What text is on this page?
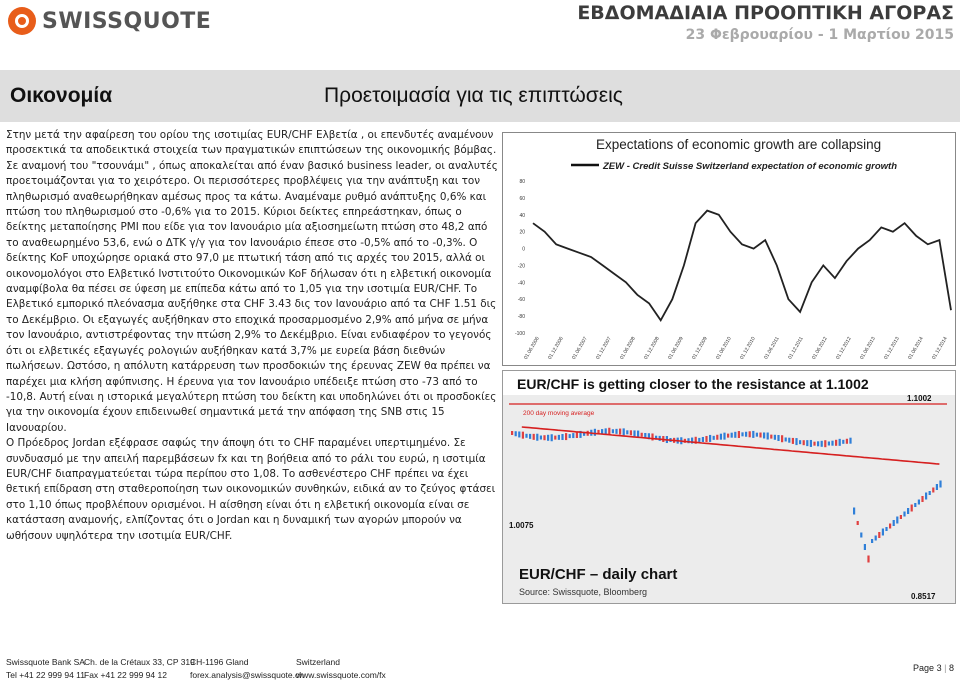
SWISSQUOTE	ΕΒΔΟΜΑΔΙΑΙΑ ΠΡΟΟΠΤΙΚΗ ΑΓΟΡΑΣ
23 Φεβρουαρίου - 1 Μαρτίου 2015
Οικονομία	Προετοιμασία για τις επιπτώσεις

Στην μετά την αφαίρεση του ορίου της ισοτιμίας EUR/CHF Ελβετία , οι επενδυτές αναμένουν προσεκτικά τα αποδεικτικά στοιχεία των πραγματικών επιπτώσεων της οικονομικής βόμβας. Σε αναμονή του "τσουνάμι" , όπως αποκαλείται από έναν βασικό business leader, οι αναλυτές προετοιμάζονται για το χειρότερο. Οι περισσότερες προβλέψεις για την ανάπτυξη και τον πληθωρισμό αναθεωρήθηκαν αμέσως προς τα κάτω. Αναμέναμε ρυθμό ανάπτυξης 0,6% και πτώση του πληθωρισμού στο -0,6% για το 2015. Κύριοι δείκτες επηρεάστηκαν, όπως ο δείκτης μεταποίησης PMI που είδε για τον Ιανουάριο μία αξιοσημείωτη πτώση στο 48,2 από το αναθεωρημένο 53,6, ενώ ο ΔΤΚ γ/γ για τον Ιανουάριο έπεσε στο -0,5% από το -0,3%. Ο δείκτης KoF υποχώρησε οριακά στο 97,0 με πτωτική τάση από τις αρχές του 2015, αλλά οι οικονομολόγοι στο Ελβετικό Ινστιτούτο Οικονομικών KoF δήλωσαν ότι η ελβετική οικονομία αναμφίβολα θα πέσει σε ύφεση με επίπεδα κάτω από το 1,05 για την ισοτιμία EUR/CHF. Το Ελβετικό εμπορικό πλεόνασμα αυξήθηκε στα CHF 3.43 δις τον Ιανουάριο από τα CHF 1.51 δις το Δεκέμβριο. Οι εξαγωγές αυξήθηκαν στο εποχικά προσαρμοσμένο 2,9% από μήνα σε μήνα τον Ιανουάριο, αντιστρέφοντας την πτώση 2,9% το Δεκέμβριο. Είναι ενδιαφέρον το γεγονός ότι οι ελβετικές εξαγωγές ρολογιών αυξήθηκαν κατά 3,7% με ευρεία βάση διεθνών πωλήσεων. Ωστόσο, η απόλυτη κατάρρευση των προσδοκιών της έρευνας ZEW θα πρέπει να παρέχει μια κλήση αφύπνισης. Η έρευνα για τον Ιανουάριο υπέδειξε πτώση στο -73 από το -10,8. Αυτή είναι η ιστορικά μεγαλύτερη πτώση του δείκτη και υποδηλώνει ότι οι προσδοκίες για την οικονομία έχουν επιδεινωθεί σημαντικά μετά την απόφαση της SNB στις 15 Ιανουαρίου.

Ο Πρόεδρος Jordan εξέφρασε σαφώς την άποψη ότι το CHF παραμένει υπερτιμημένο. Σε συνδυασμό με την απειλή παρεμβάσεων fx και τη βοήθεια από το ράλι του ευρώ, η ισοτιμία EUR/CHF διαπραγματεύεται τώρα περίπου στο 1,08. Το ασθενέστερο CHF πρέπει να έχει θετική επίδραση στη σταθεροποίηση των οικονομικών συνθηκών, ειδικά αν το ζεύγος φτάσει στο 1,10 όπως προβλέπουν ορισμένοι. Η αίσθηση είναι ότι η ελβετική οικονομία είναι σε κατάσταση αναμονής, ελπίζοντας ότι ο Jordan και η δυναμική των αγορών μπορούν να ωθήσουν υψηλότερα την ισοτιμία EUR/CHF.

Expectations of economic growth are collapsing
ZEW - Credit Suisse Switzerland expectation of economic growth
80
60
40
20
0
-20
-40
-60
-80
-100
01.06.2006 01.12.2006 01.06.2007 01.12.2007 01.06.2008 01.12.2008 01.06.2009 01.12.2009 01.06.2010 01.12.2010 01.06.2011 01.12.2011 01.06.2012 01.12.2012 01.06.2013 01.12.2013 01.06.2014 01.12.2014
EUR/CHF is getting closer to the resistance at 1.1002
200 day moving average
1.1002
1.0075
0.8517
EUR/CHF – daily chart
Source: Swissquote, Bloomberg
Swissquote Bank SA
Tel +41 22 999 94 11
Ch. de la Crétaux 33, CP 319
Fax +41 22 999 94 12
CH-1196 Gland
forex.analysis@swissquote.ch
Switzerland
www.swissquote.com/fx
Page 3 | 8
